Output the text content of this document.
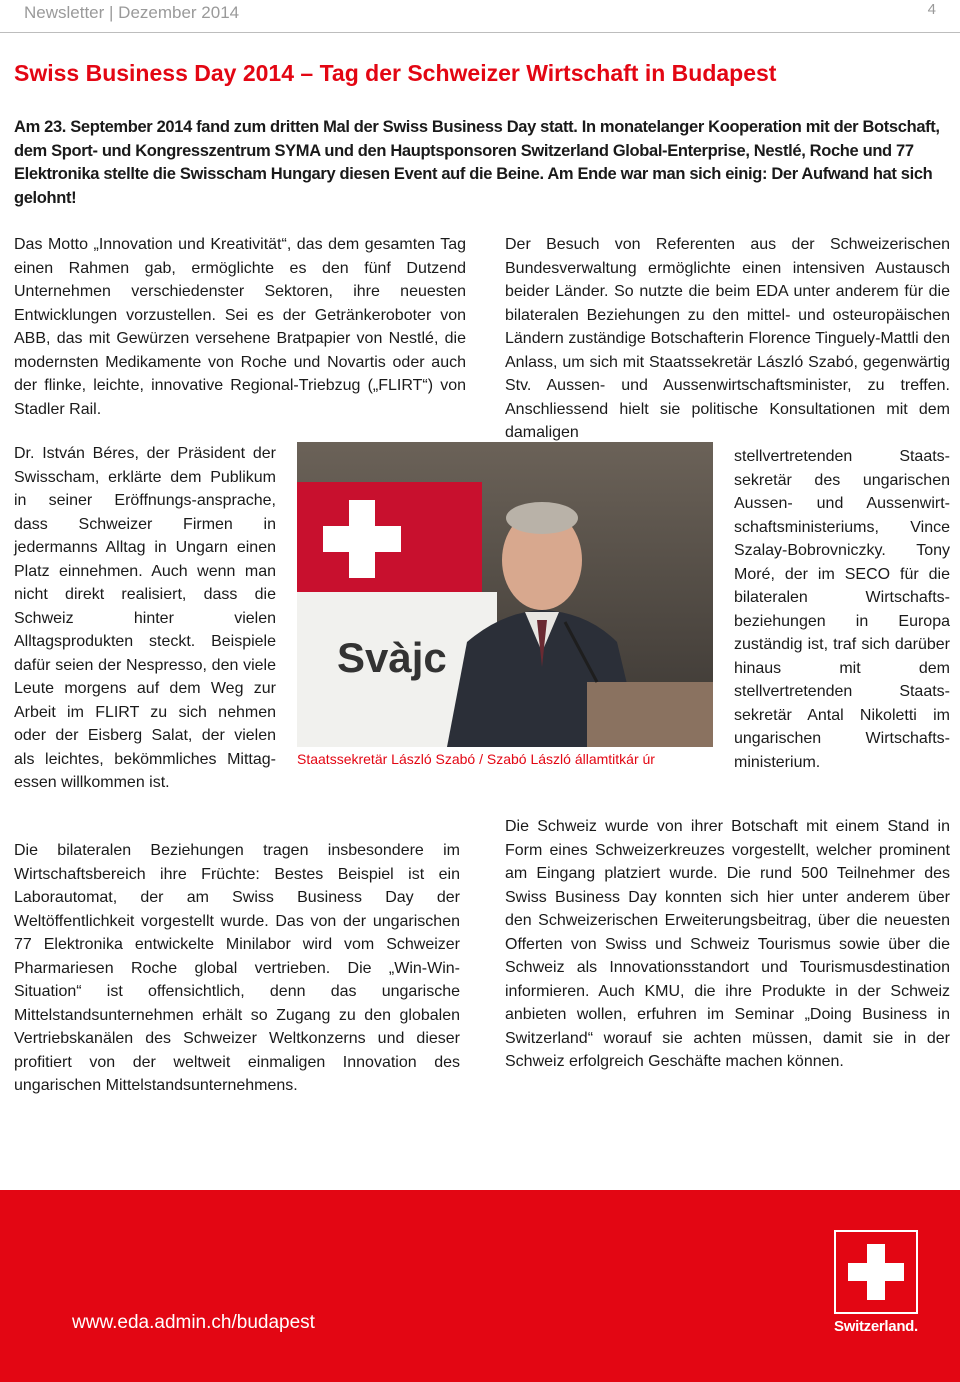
Newsletter | Dezember 2014	4
Swiss Business Day 2014 – Tag der Schweizer Wirtschaft in Budapest
Am 23. September 2014 fand zum dritten Mal der Swiss Business Day statt. In monatelanger Kooperation mit der Botschaft, dem Sport- und Kongresszentrum SYMA und den Hauptsponsoren Switzerland Global-Enterprise, Nestlé, Roche und 77 Elektronika stellte die Swisscham Hungary diesen Event auf die Beine. Am Ende war man sich einig: Der Aufwand hat sich gelohnt!

Das Motto „Innovation und Kreativität“, das dem gesamten Tag einen Rahmen gab, ermöglichte es den fünf Dutzend Unternehmen verschiedenster Sektoren, ihre neuesten Entwicklungen vorzustellen. Sei es der Getränkeroboter von ABB, das mit Gewürzen versehene Bratpapier von Nestlé, die modernsten Medikamente von Roche und Novartis oder auch der flinke, leichte, innovative Regional-Triebzug („FLIRT“) von Stadler Rail.

Dr. István Béres, der Präsident der Swisscham, erklärte dem Publikum in seiner Eröffnungs-ansprache, dass Schweizer Firmen in jedermanns Alltag in Ungarn einen Platz einnehmen. Auch wenn man nicht direkt realisiert, dass die Schweiz hinter vielen Alltagsprodukten steckt. Beispiele dafür seien der Nespresso, den viele Leute morgens auf dem Weg zur Arbeit im FLIRT zu sich nehmen oder der Eisberg Salat, der vielen als leichtes, bekömmliches Mittag-essen willkommen ist.

Die bilateralen Beziehungen tragen insbesondere im Wirtschaftsbereich ihre Früchte: Bestes Beispiel ist ein Laborautomat, der am Swiss Business Day der Weltöffentlichkeit vorgestellt wurde. Das von der ungarischen 77 Elektronika entwickelte Minilabor wird vom Schweizer Pharmariesen Roche global vertrieben. Die „Win-Win-Situation“ ist offensichtlich, denn das ungarische Mittelstandsunternehmen erhält so Zugang zu den globalen Vertriebskanälen des Schweizer Weltkonzerns und dieser profitiert von der weltweit einmaligen Innovation des ungarischen Mittelstandsunternehmens.

Der Besuch von Referenten aus der Schweizerischen Bundesverwaltung ermöglichte einen intensiven Austausch beider Länder. So nutzte die beim EDA unter anderem für die bilateralen Beziehungen zu den mittel- und osteuropäischen Ländern zuständige Botschafterin Florence Tinguely-Mattli den Anlass, um sich mit Staatssekretär László Szabó, gegenwärtig Stv. Aussen- und Aussenwirtschaftsminister, zu treffen. Anschliessend hielt sie politische Konsultationen mit dem damaligen

stellvertretenden Staats-sekretär des ungarischen Aussen- und Aussenwirt-schaftsministeriums, Vince Szalay-Bobrovniczky. Tony Moré, der im SECO für die bilateralen Wirtschafts-beziehungen in Europa zuständig ist, traf sich darüber hinaus mit dem stellvertretenden Staats-sekretär Antal Nikoletti im ungarischen Wirtschafts-ministerium.

Die Schweiz wurde von ihrer Botschaft mit einem Stand in Form eines Schweizerkreuzes vorgestellt, welcher prominent am Eingang platziert wurde. Die rund 500 Teilnehmer des Swiss Business Day konnten sich hier unter anderem über den Schweizerischen Erweiterungsbeitrag, über die neuesten Offerten von Swiss und Schweiz Tourismus sowie über die Schweiz als Innovationsstandort und Tourismusdestination informieren. Auch KMU, die ihre Produkte in der Schweiz anbieten wollen, erfuhren im Seminar „Doing Business in Switzerland“ worauf sie achten müssen, damit sie in der Schweiz erfolgreich Geschäfte machen können.

Svàjc
Staatssekretär László Szabó / Szabó László államtitkár úr
www.eda.admin.ch/budapest	Switzerland.
